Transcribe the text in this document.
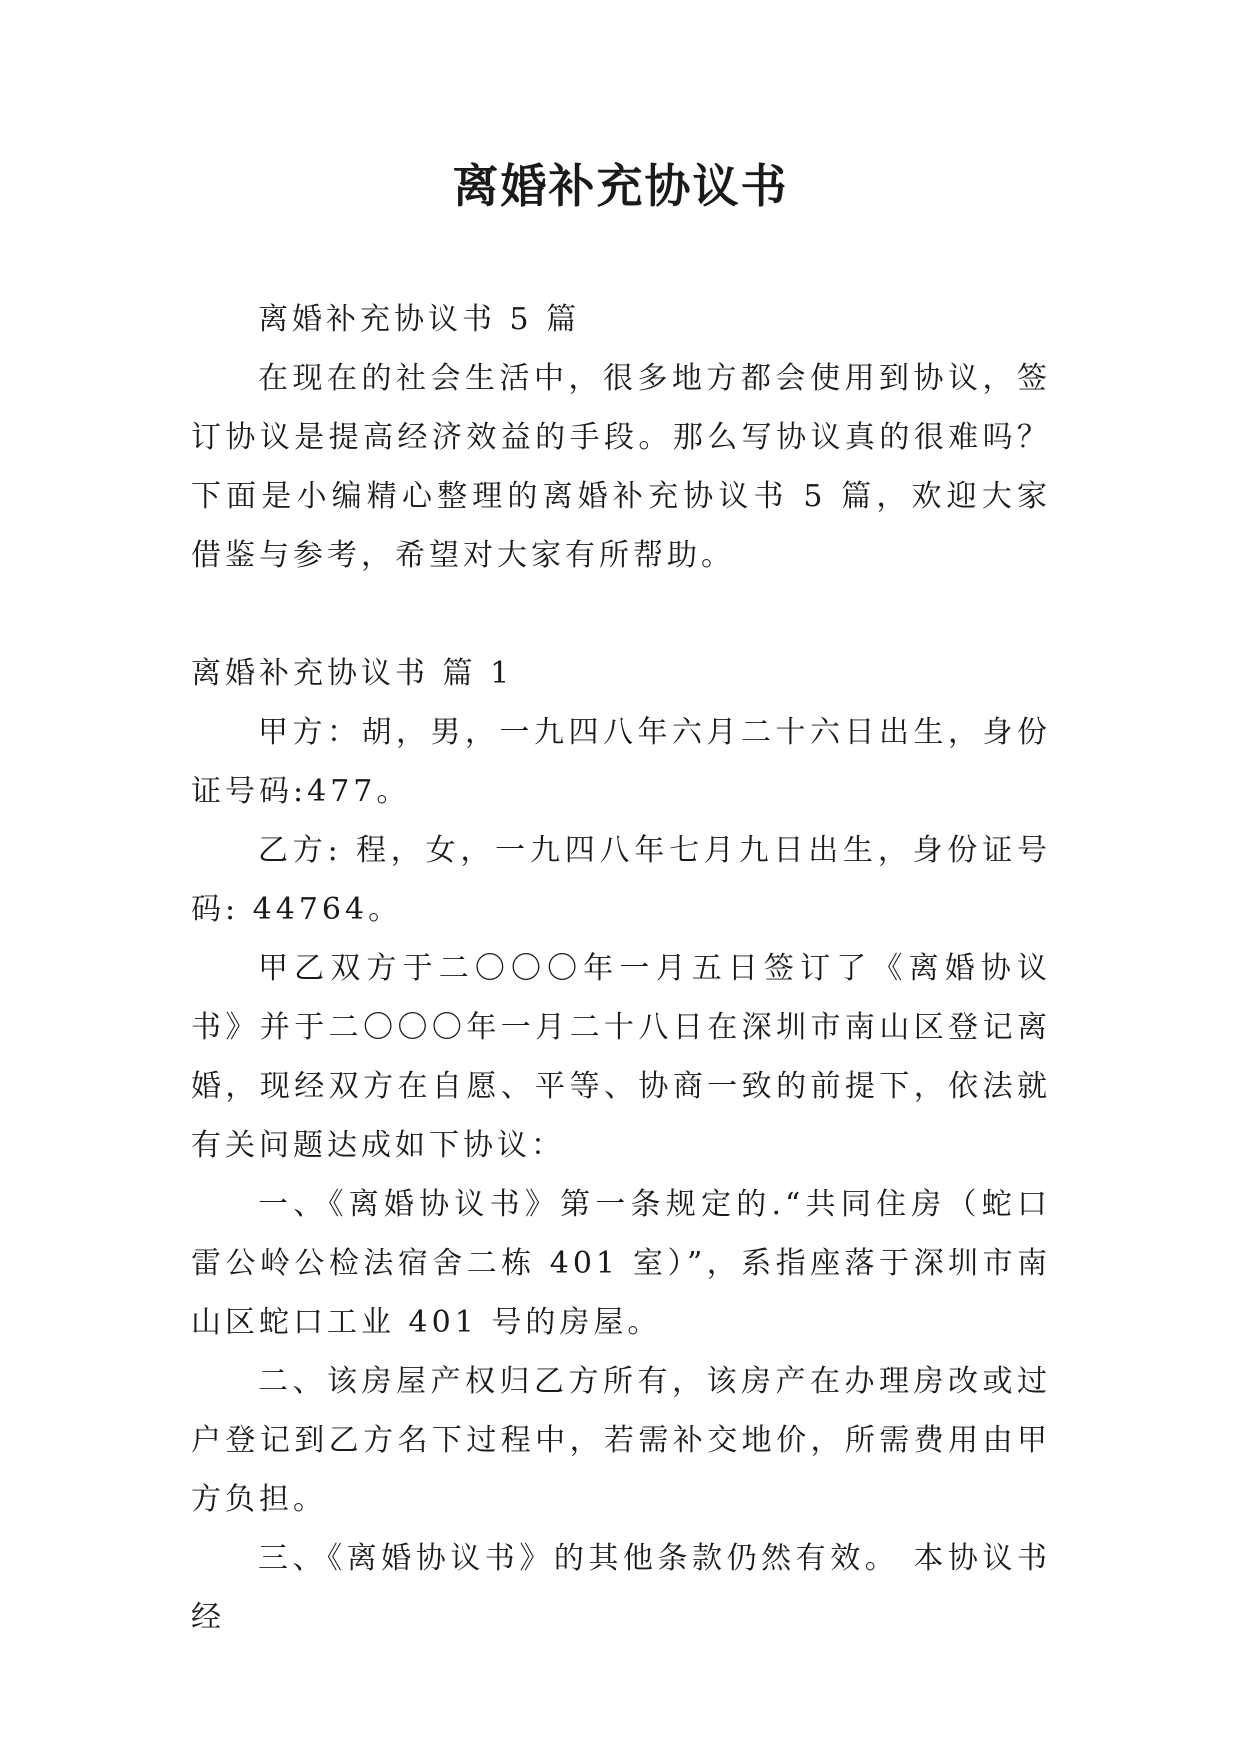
离婚补充协议书

离婚补充协议书 5 篇

在现在的社会生活中，很多地方都会使用到协议，签订协议是提高经济效益的手段。那么写协议真的很难吗？下面是小编精心整理的离婚补充协议书 5 篇，欢迎大家借鉴与参考，希望对大家有所帮助。

离婚补充协议书 篇 1

甲方：胡，男，一九四八年六月二十六日出生，身份证号码:477。

乙方: 程，女，一九四八年七月九日出生，身份证号码: 44764。

甲乙双方于二〇〇〇年一月五日签订了《离婚协议书》并于二〇〇〇年一月二十八日在深圳市南山区登记离婚，现经双方在自愿、平等、协商一致的前提下，依法就有关问题达成如下协议：

一、《离婚协议书》第一条规定的.“共同住房（蛇口雷公岭公检法宿舍二栋 401 室）”，系指座落于深圳市南山区蛇口工业 401 号的房屋。

二、该房屋产权归乙方所有，该房产在办理房改或过户登记到乙方名下过程中，若需补交地价，所需费用由甲方负担。

三、《离婚协议书》的其他条款仍然有效。 本协议书经
